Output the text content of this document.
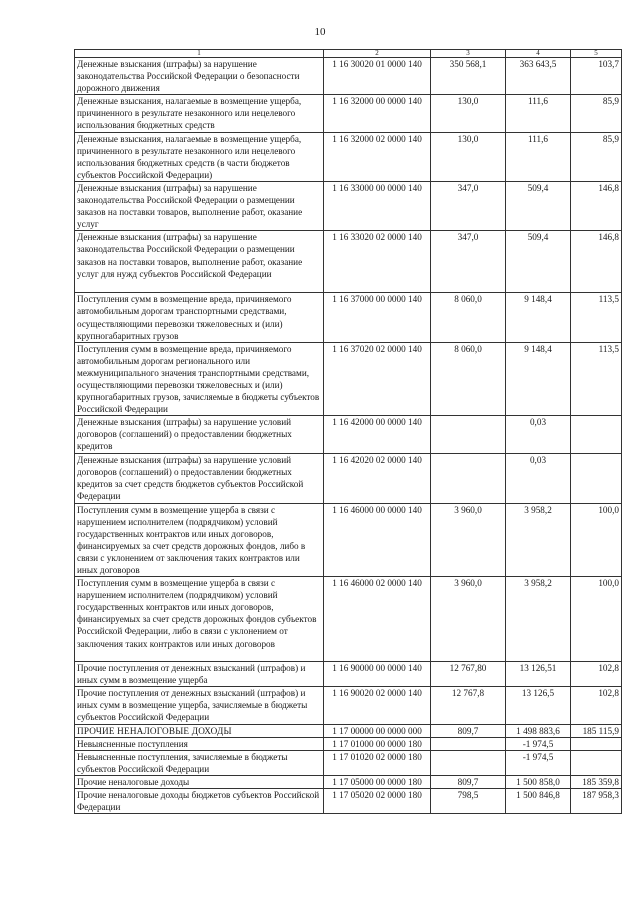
10
1	2	3	4	5
Денежные взыскания (штрафы) за нарушение законодательства Российской Федерации о безопасности дорожного движения	1 16 30020 01 0000 140	350 568,1	363 643,5	103,7
Денежные взыскания, налагаемые в возмещение ущерба, причиненного в результате незаконного или нецелевого использования бюджетных средств	1 16 32000 00 0000 140	130,0	111,6	85,9
Денежные взыскания, налагаемые в возмещение ущерба, причиненного в результате незаконного или нецелевого использования бюджетных средств (в части бюджетов субъектов Российской Федерации)	1 16 32000 02 0000 140	130,0	111,6	85,9
Денежные взыскания (штрафы) за нарушение законодательства Российской Федерации о размещении заказов на поставки товаров, выполнение работ, оказание услуг	1 16 33000 00 0000 140	347,0	509,4	146,8
Денежные взыскания (штрафы) за нарушение законодательства Российской Федерации о размещении заказов на поставки товаров, выполнение работ, оказание услуг для нужд субъектов Российской Федерации	1 16 33020 02 0000 140	347,0	509,4	146,8
Поступления сумм в возмещение вреда, причиняемого автомобильным дорогам транспортными средствами, осуществляющими перевозки тяжеловесных и (или) крупногабаритных грузов	1 16 37000 00 0000 140	8 060,0	9 148,4	113,5
Поступления сумм в возмещение вреда, причиняемого автомобильным дорогам регионального или межмуниципального значения транспортными средствами, осуществляющими перевозки тяжеловесных и (или) крупногабаритных грузов, зачисляемые в бюджеты субъектов Российской Федерации	1 16 37020 02 0000 140	8 060,0	9 148,4	113,5
Денежные взыскания (штрафы) за нарушение условий договоров (соглашений) о предоставлении бюджетных кредитов	1 16 42000 00 0000 140		0,03	
Денежные взыскания (штрафы) за нарушение условий договоров (соглашений) о предоставлении бюджетных кредитов за счет средств бюджетов субъектов Российской Федерации	1 16 42020 02 0000 140		0,03	
Поступления сумм в возмещение ущерба в связи с нарушением исполнителем (подрядчиком) условий государственных контрактов или иных договоров, финансируемых за счет средств дорожных фондов, либо в связи с уклонением от заключения таких контрактов или иных договоров	1 16 46000 00 0000 140	3 960,0	3 958,2	100,0
Поступления сумм в возмещение ущерба в связи с нарушением исполнителем (подрядчиком) условий государственных контрактов или иных договоров, финансируемых за счет средств дорожных фондов субъектов Российской Федерации, либо в связи с уклонением от заключения таких контрактов или иных договоров	1 16 46000 02 0000 140	3 960,0	3 958,2	100,0
Прочие поступления от денежных взысканий (штрафов) и иных сумм в возмещение ущерба	1 16 90000 00 0000 140	12 767,80	13 126,51	102,8
Прочие поступления от денежных взысканий (штрафов) и иных сумм в возмещение ущерба, зачисляемые в бюджеты субъектов Российской Федерации	1 16 90020 02 0000 140	12 767,8	13 126,5	102,8
ПРОЧИЕ НЕНАЛОГОВЫЕ ДОХОДЫ	1 17 00000 00 0000 000	809,7	1 498 883,6	185 115,9
Невыясненные поступления	1 17 01000 00 0000 180		-1 974,5	
Невыясненные поступления, зачисляемые в бюджеты субъектов Российской Федерации	1 17 01020 02 0000 180		-1 974,5	
Прочие неналоговые доходы	1 17 05000 00 0000 180	809,7	1 500 858,0	185 359,8
Прочие неналоговые доходы бюджетов субъектов Российской Федерации	1 17 05020 02 0000 180	798,5	1 500 846,8	187 958,3
